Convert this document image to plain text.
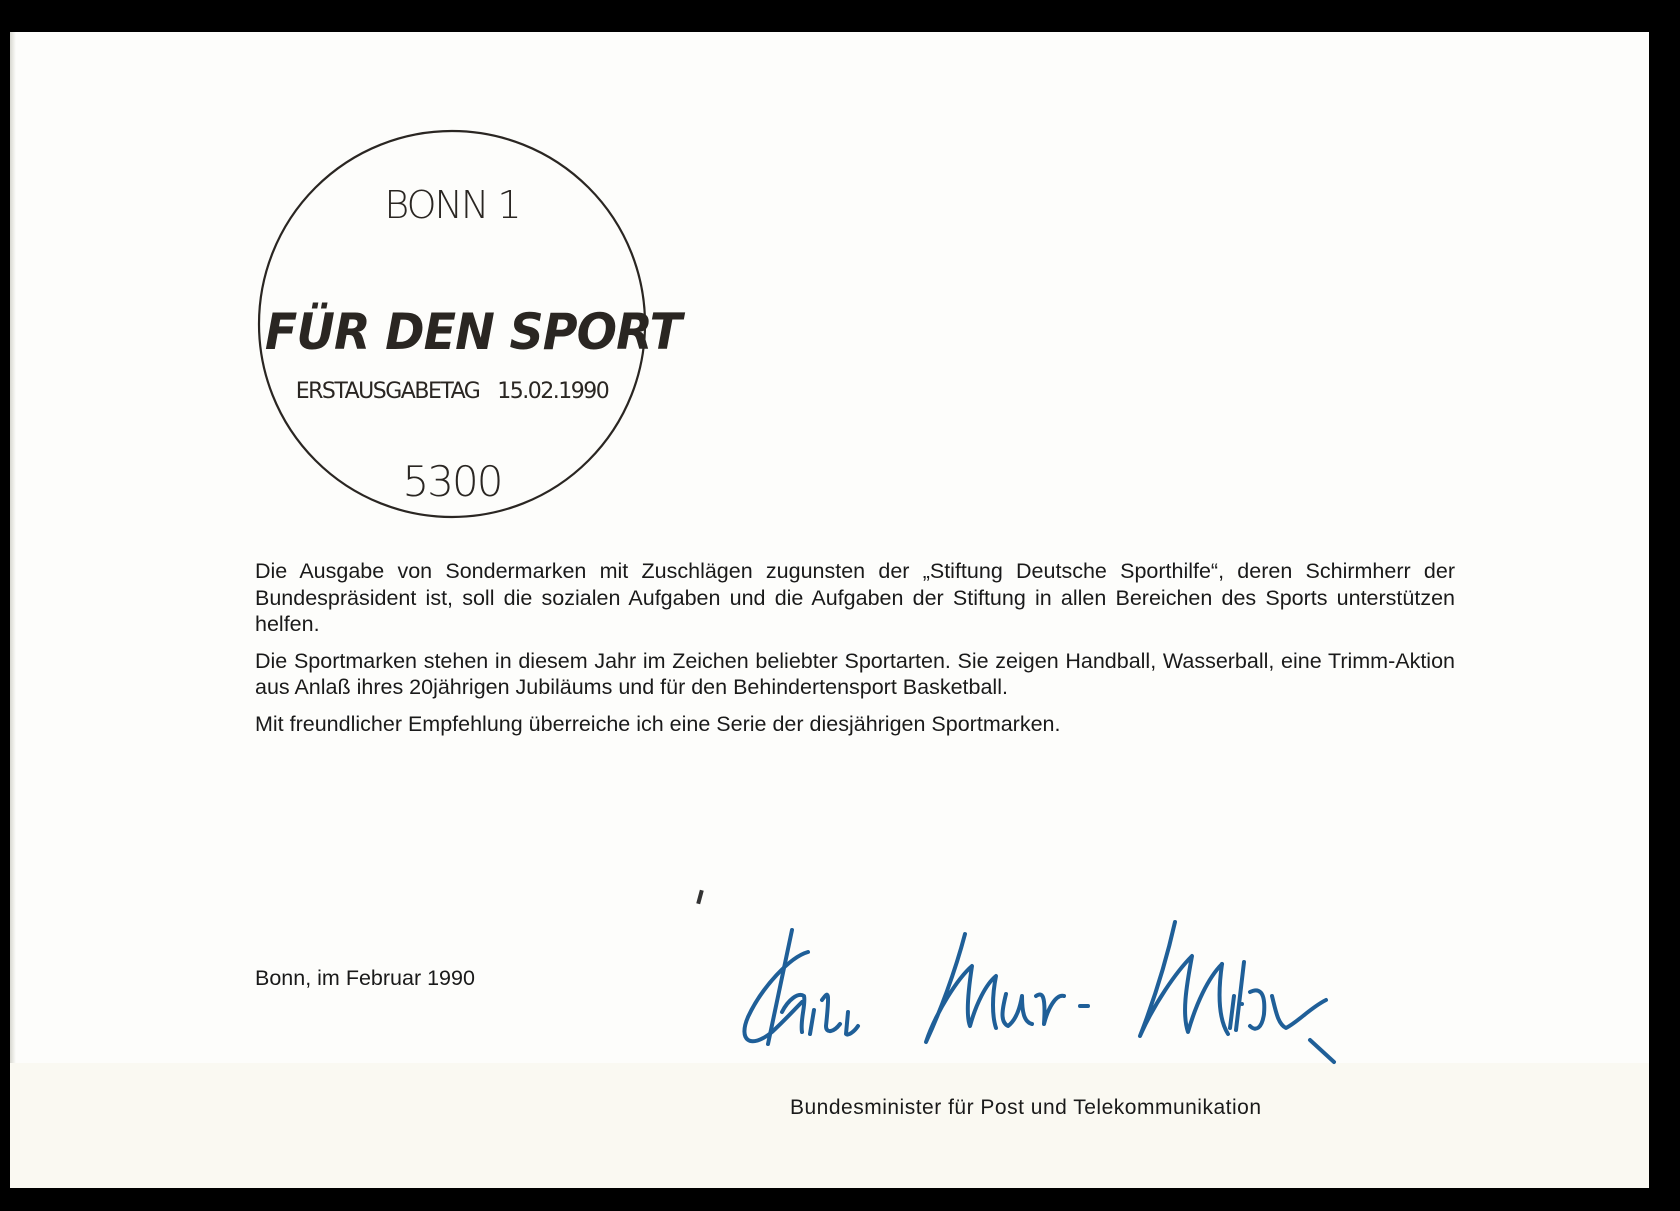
BONN 1
FÜR DEN SPORT
ERSTAUSGABETAG 15.02.1990
5300

Die Ausgabe von Sondermarken mit Zuschlägen zugunsten der „Stiftung Deutsche Sporthilfe“, deren Schirmherr der Bundespräsident ist, soll die sozialen Aufgaben und die Aufgaben der Stiftung in allen Bereichen des Sports unterstützen helfen.

Die Sportmarken stehen in diesem Jahr im Zeichen beliebter Sportarten. Sie zeigen Handball, Wasserball, eine Trimm-Aktion aus Anlaß ihres 20jährigen Jubiläums und für den Behindertensport Basketball.

Mit freundlicher Empfehlung überreiche ich eine Serie der diesjährigen Sportmarken.

Bonn, im Februar 1990
Bundesminister für Post und Telekommunikation
